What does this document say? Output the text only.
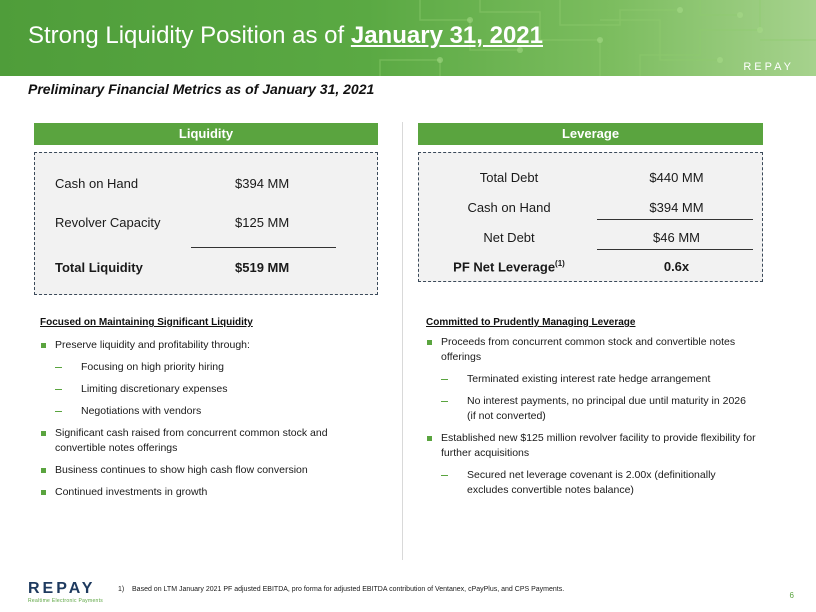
Strong Liquidity Position as of January 31, 2021
REPAY
Preliminary Financial Metrics as of January 31, 2021
Liquidity
Cash on Hand	$394 MM
Revolver Capacity	$125 MM
Total Liquidity	$519 MM
Leverage
Total Debt	$440 MM
Cash on Hand	$394 MM
Net Debt	$46 MM
PF Net Leverage$^{(1)}$	0.6x
Focused on Maintaining Significant Liquidity
Preserve liquidity and profitability through:
Focusing on high priority hiring
Limiting discretionary expenses
Negotiations with vendors
Significant cash raised from concurrent common stock and convertible notes offerings
Business continues to show high cash flow conversion
Continued investments in growth
Committed to Prudently Managing Leverage
Proceeds from concurrent common stock and convertible notes offerings
Terminated existing interest rate hedge arrangement
No interest payments, no principal due until maturity in 2026 (if not converted)
Established new $125 million revolver facility to provide flexibility for further acquisitions
Secured net leverage covenant is 2.00x (definitionally excludes convertible notes balance)
REPAY
Realtime Electronic Payments
1) Based on LTM January 2021 PF adjusted EBITDA, pro forma for adjusted EBITDA contribution of Ventanex, cPayPlus, and CPS Payments.
6
